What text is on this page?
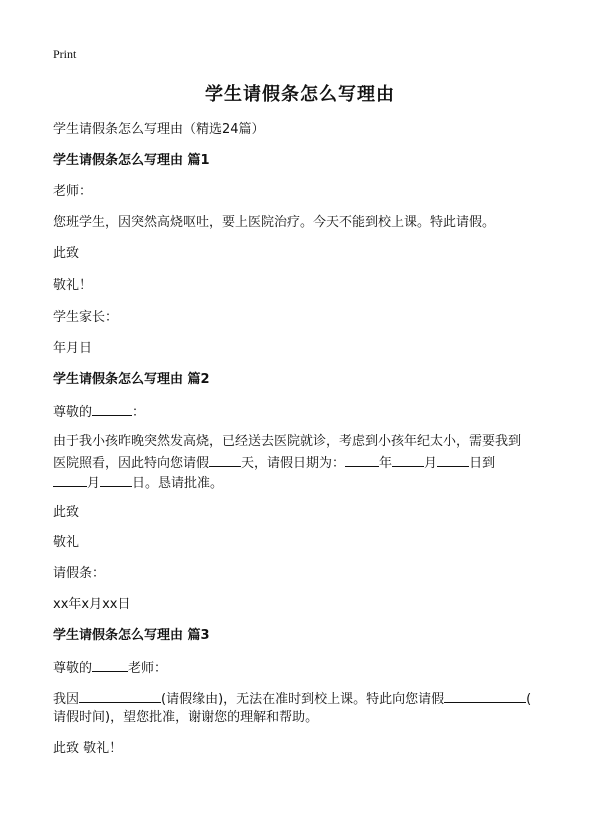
Print
学生请假条怎么写理由
学生请假条怎么写理由（精选24篇）
学生请假条怎么写理由 篇1
老师：
您班学生，因突然高烧呕吐，要上医院治疗。今天不能到校上课。特此请假。
此致
敬礼！
学生家长：
年月日
学生请假条怎么写理由 篇2
尊敬的	：
由于我小孩昨晚突然发高烧，已经送去医院就诊，考虑到小孩年纪太小，需要我到
医院照看，因此特向您请假 天，请假日期为：	年 月 日到
月 日。恳请批准。
此致
敬礼
请假条：
xx年x月xx日
学生请假条怎么写理由 篇3
尊敬的	老师：
我因	(请假缘由)，无法在准时到校上课。特此向您请假	(
请假时间)，望您批准，谢谢您的理解和帮助。
此致 敬礼！
